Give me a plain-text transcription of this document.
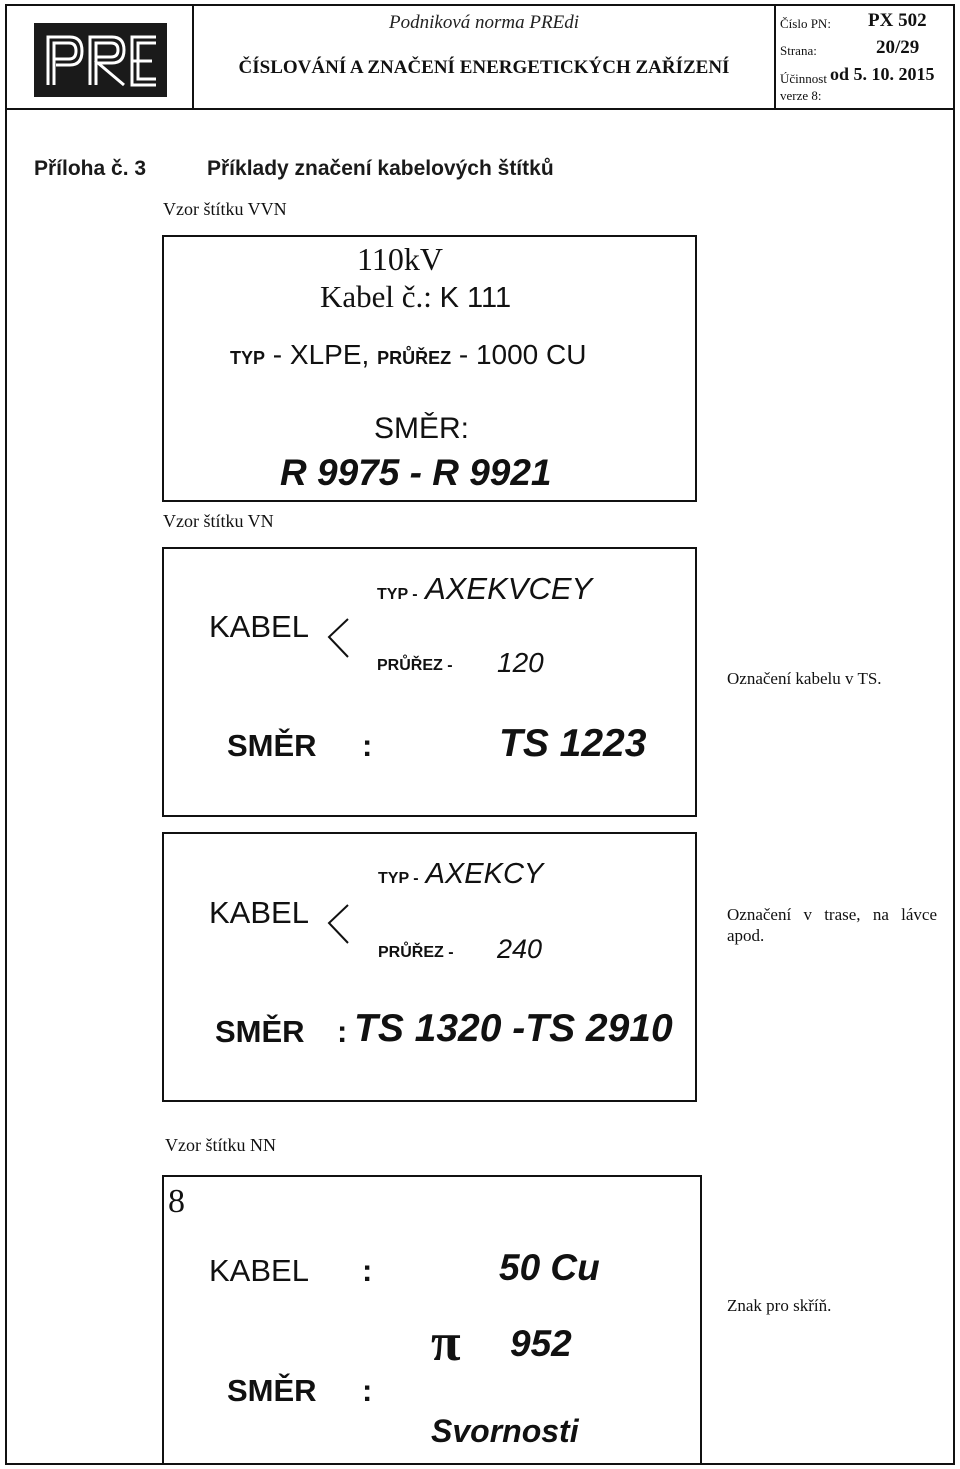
Podniková norma PREdi
ČÍSLOVÁNÍ A ZNAČENÍ ENERGETICKÝCH ZAŘÍZENÍ
Číslo PN: PX 502
Strana:	20/29
Účinnost od 5. 10. 2015
verze 8:
Příloha č. 3	Příklady značení kabelových štítků
Vzor štítku VVN
110kV
Kabel č.: K 111
TYP - XLPE, PRŮŘEZ - 1000 CU
SMĚR:
R 9975 - R 9921
Vzor štítku VN
KABEL
TYP - AXEKVCEY
PRŮŘEZ - 120
SMĚR :	TS 1223
Označení kabelu v TS.
KABEL
TYP - AXEKCY
PRŮŘEZ - 240
SMĚR : TS 1320 -TS 2910
Označení v trase, na lávce apod.
Vzor štítku NN
8
KABEL :	50 Cu
π 952
SMĚR :
Svornosti
Znak pro skříň.
